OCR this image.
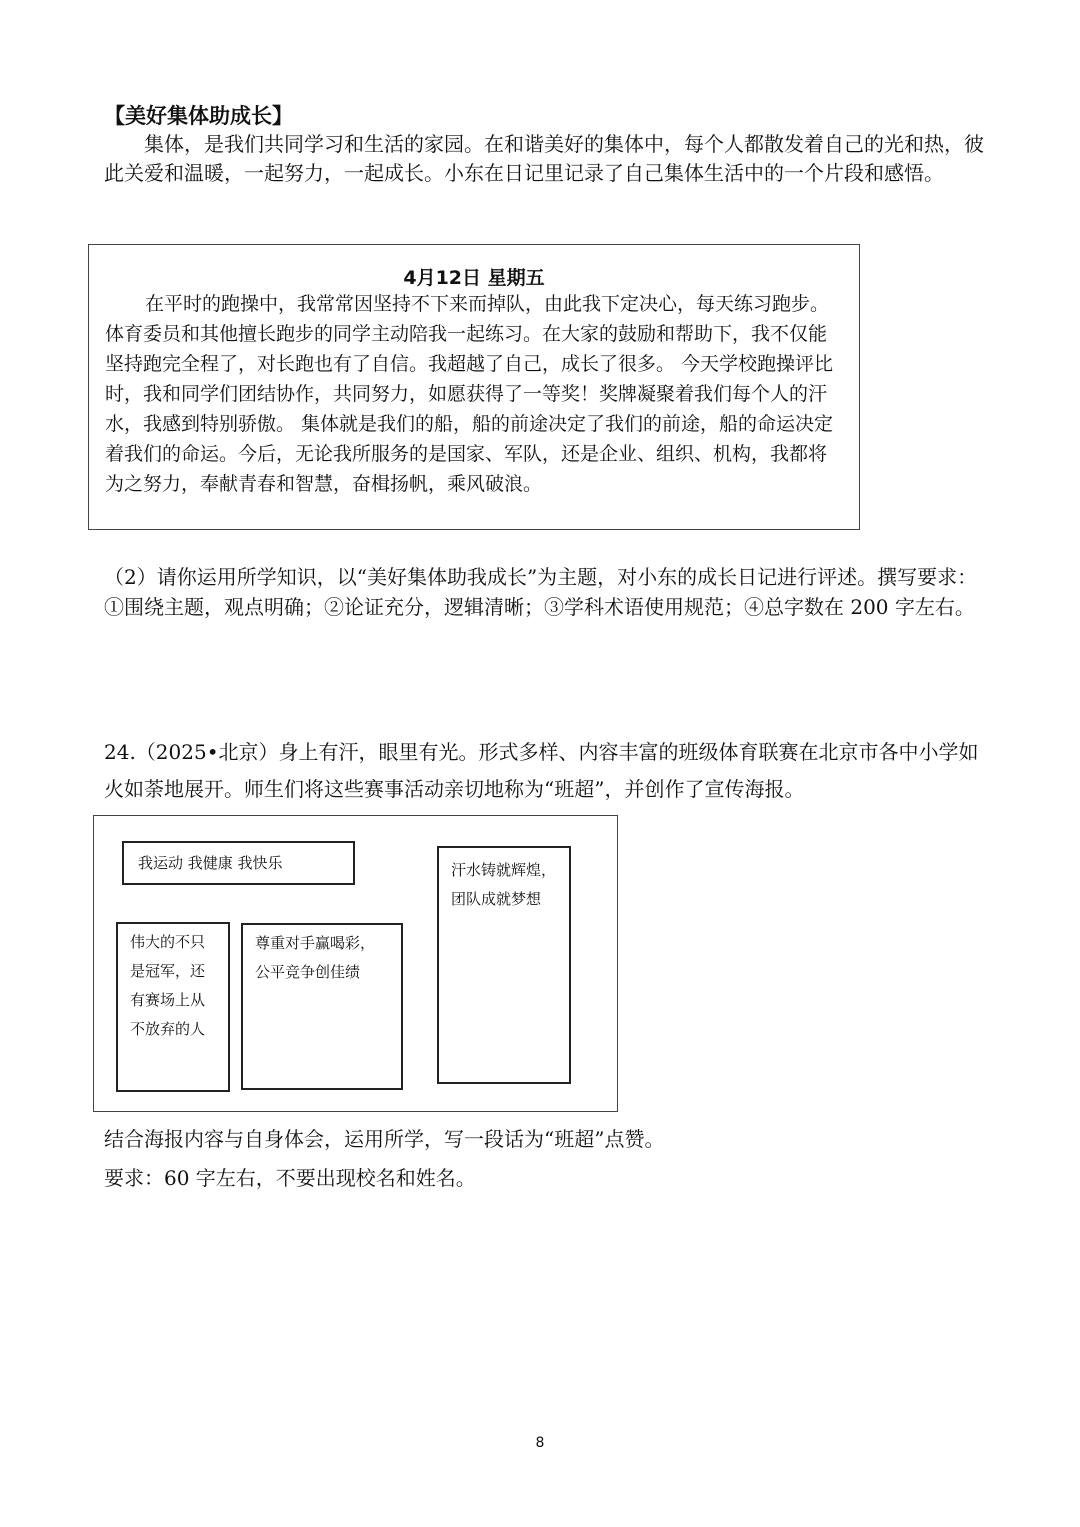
【美好集体助成长】
集体，是我们共同学习和生活的家园。在和谐美好的集体中，每个人都散发着自己的光和热，彼此关爱和温暖，一起努力，一起成长。小东在日记里记录了自己集体生活中的一个片段和感悟。
4月12日 星期五
在平时的跑操中，我常常因坚持不下来而掉队，由此我下定决心，每天练习跑步。体育委员和其他擅长跑步的同学主动陪我一起练习。在大家的鼓励和帮助下，我不仅能坚持跑完全程了，对长跑也有了自信。我超越了自己，成长了很多。 今天学校跑操评比时，我和同学们团结协作，共同努力，如愿获得了一等奖！奖牌凝聚着我们每个人的汗水，我感到特别骄傲。 集体就是我们的船，船的前途决定了我们的前途，船的命运决定着我们的命运。今后，无论我所服务的是国家、军队，还是企业、组织、机构，我都将为之努力，奉献青春和智慧，奋楫扬帆，乘风破浪。
（2）请你运用所学知识，以“美好集体助我成长”为主题，对小东的成长日记进行评述。撰写要求：①围绕主题，观点明确；②论证充分，逻辑清晰；③学科术语使用规范；④总字数在 200 字左右。
24.（2025•北京）身上有汗，眼里有光。形式多样、内容丰富的班级体育联赛在北京市各中小学如火如荼地展开。师生们将这些赛事活动亲切地称为“班超”，并创作了宣传海报。
我运动 我健康 我快乐
伟大的不只是冠军，还有赛场上从不放弃的人
尊重对手赢喝彩，公平竞争创佳绩
汗水铸就辉煌，团队成就梦想
结合海报内容与自身体会，运用所学，写一段话为“班超”点赞。
要求：60 字左右，不要出现校名和姓名。
8
